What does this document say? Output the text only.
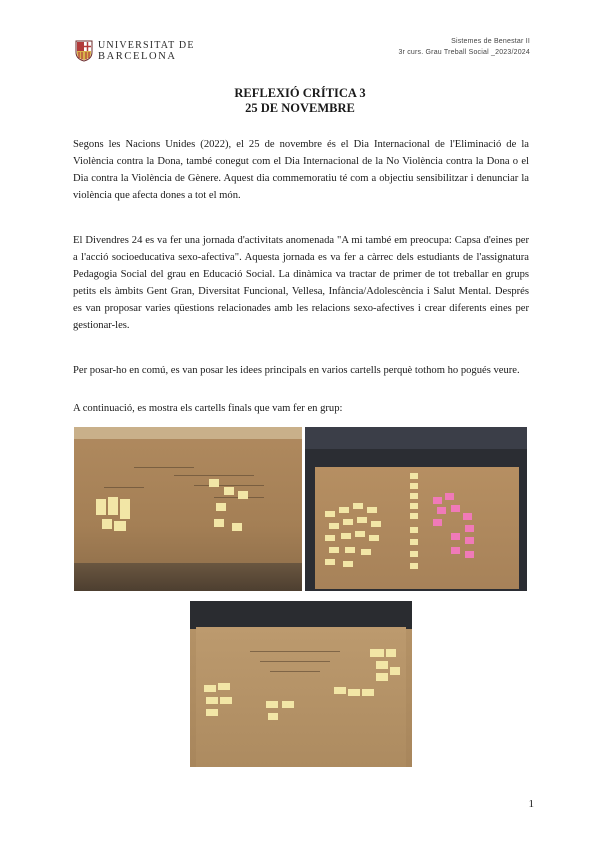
UNIVERSITAT DE
BARCELONA
Sistemes de Benestar II
3r curs. Grau Treball Social _2023/2024
REFLEXIÓ CRÍTICA 3
25 DE NOVEMBRE
Segons les Nacions Unides (2022), el 25 de novembre és el Dia Internacional de l'Eliminació de la Violència contra la Dona, també conegut com el Dia Internacional de la No Violència contra la Dona o el Dia contra la Violència de Gènere. Aquest dia commemoratiu té com a objectiu sensibilitzar i denunciar la violència que afecta dones a tot el món.
El Divendres 24 es va fer una jornada d'activitats anomenada "A mi també em preocupa: Capsa d'eines per a l'acció socioeducativa sexo-afectiva". Aquesta jornada es va fer a càrrec dels estudiants de l'assignatura Pedagogia Social del grau en Educació Social. La dinàmica va tractar de primer de tot treballar en grups petits els àmbits Gent Gran, Diversitat Funcional, Vellesa, Infància/Adolescència i Salut Mental. Després es van proposar varies qüestions relacionades amb les relacions sexo-afectives i crear diferents eines per gestionar-les.
Per posar-ho en comú, es van posar les idees principals en varios cartells perquè tothom ho pogués veure.
A continuació, es mostra els cartells finals que vam fer en grup:
1
